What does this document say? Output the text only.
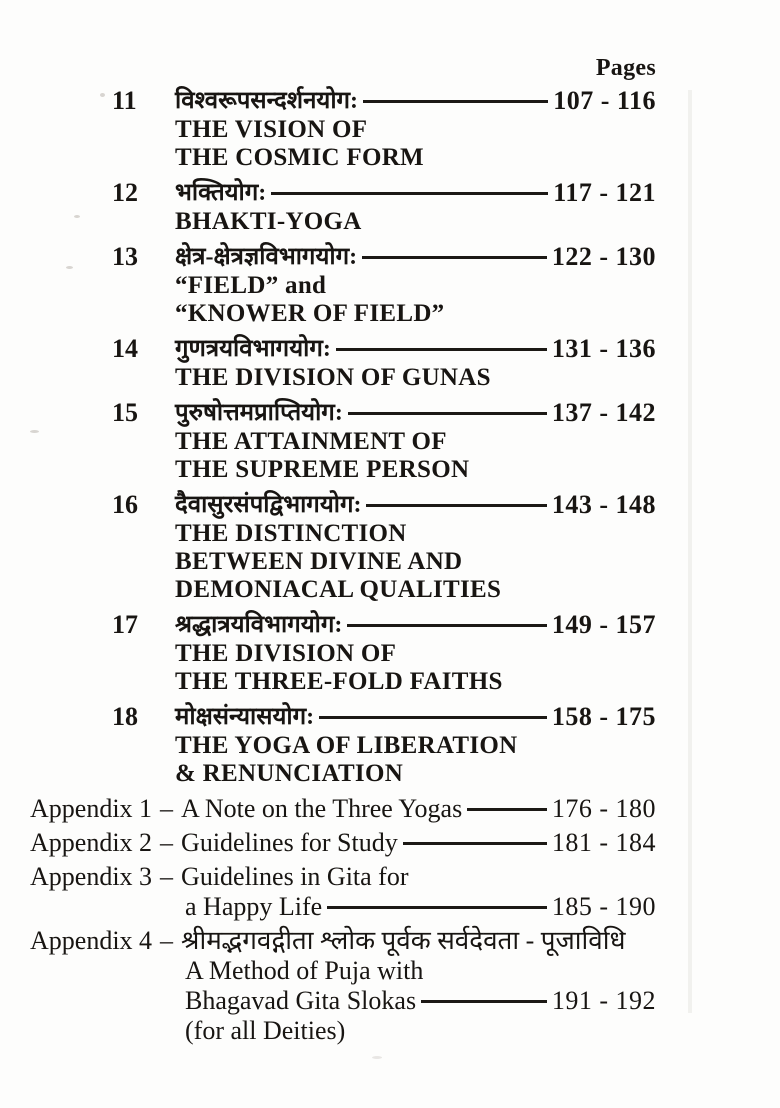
Pages
11	विश्वरूपसन्दर्शनयोग:	107 - 116
THE VISION OF
THE COSMIC FORM
12	भक्तियोग:	117 - 121
BHAKTI-YOGA
13	क्षेत्र-क्षेत्रज्ञविभागयोग:	122 - 130
“FIELD” and
“KNOWER OF FIELD”
14	गुणत्रयविभागयोग:	131 - 136
THE DIVISION OF GUNAS
15	पुरुषोत्तमप्राप्तियोग:	137 - 142
THE ATTAINMENT OF
THE SUPREME PERSON
16	दैवासुरसंपद्विभागयोग:	143 - 148
THE DISTINCTION
BETWEEN DIVINE AND
DEMONIACAL QUALITIES
17	श्रद्धात्रयविभागयोग:	149 - 157
THE DIVISION OF
THE THREE-FOLD FAITHS
18	मोक्षसंन्यासयोग:	158 - 175
THE YOGA OF LIBERATION
& RENUNCIATION
Appendix 1 – A Note on the Three Yogas	176 - 180
Appendix 2 – Guidelines for Study	181 - 184
Appendix 3 – Guidelines in Gita for
a Happy Life	185 - 190
Appendix 4 – श्रीमद्भगवद्गीता श्लोक पूर्वक सर्वदेवता - पूजाविधि
A Method of Puja with
Bhagavad Gita Slokas	191 - 192
(for all Deities)
